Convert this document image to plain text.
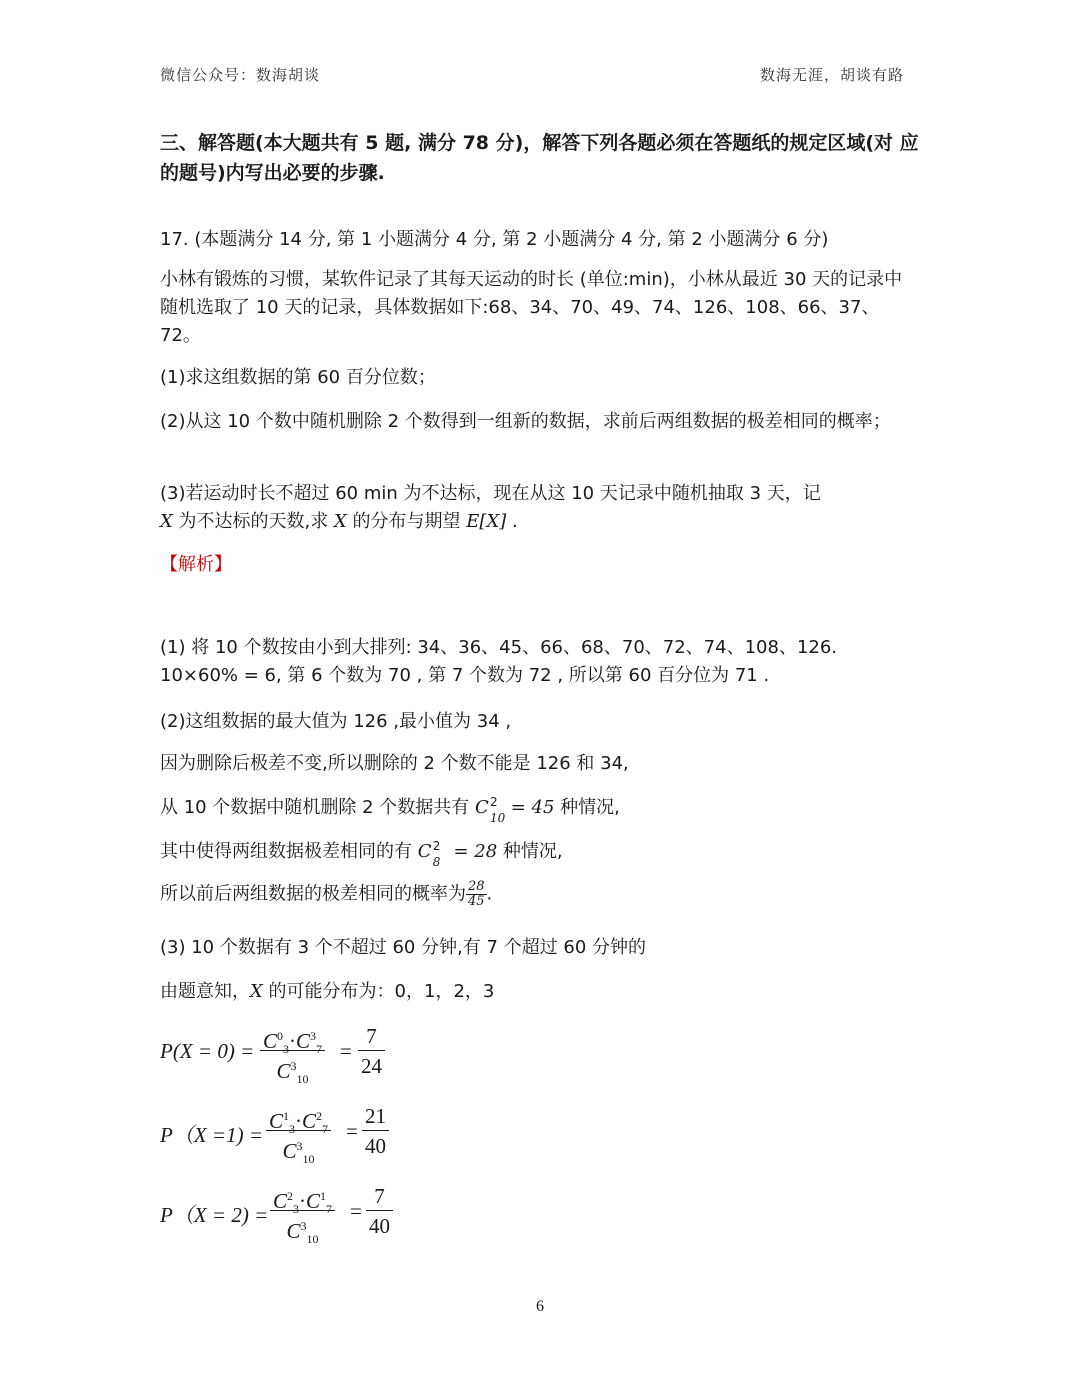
微信公众号：数海胡谈	数海无涯，胡谈有路
三、解答题(本大题共有 5 题, 满分 78 分)，解答下列各题必须在答题纸的规定区域(对 应的题号)内写出必要的步骤.
17. (本题满分 14 分, 第 1 小题满分 4 分, 第 2 小题满分 4 分, 第 2 小题满分 6 分)
小林有锻炼的习惯，某软件记录了其每天运动的时长 (单位:min)，小林从最近 30 天的记录中随机选取了 10 天的记录，具体数据如下:68、34、70、49、74、126、108、66、37、72。
(1)求这组数据的第 60 百分位数；
(2)从这 10 个数中随机删除 2 个数得到一组新的数据，求前后两组数据的极差相同的概率；
(3)若运动时长不超过 60 min 为不达标，现在从这 10 天记录中随机抽取 3 天，记
X 为不达标的天数,求 X 的分布与期望 E[X] .
【解析】
(1) 将 10 个数按由小到大排列: 34、36、45、66、68、70、72、74、108、126.
10×60% = 6, 第 6 个数为 70 , 第 7 个数为 72 , 所以第 60 百分位为 71 .
(2)这组数据的最大值为 126 ,最小值为 34 ,
因为删除后极差不变,所以删除的 2 个数不能是 126 和 34,
从 10 个数据中随机删除 2 个数据共有 C 2
10 = 45 种情况,
其中使得两组数据极差相同的有 C 2
8 = 28 种情况,
所以前后两组数据的极差相同的概率为 $\frac{28}{45}$ .
(3) 10 个数据有 3 个不超过 60 分钟,有 7 个超过 60 分钟的
由题意知，X 的可能分布为：0，1，2，3
$P(X = 0) = \frac{C^0_3\cdot C^3_7}{C^3_{10}} = \frac{7}{24}$
$P(X =1) = \frac{C^1_3\cdot C^2_7}{C^3_{10}} = \frac{21}{40}$
$P(X = 2) = \frac{C^2_3\cdot C^1_7}{C^3_{10}} = \frac{7}{40}$
6
